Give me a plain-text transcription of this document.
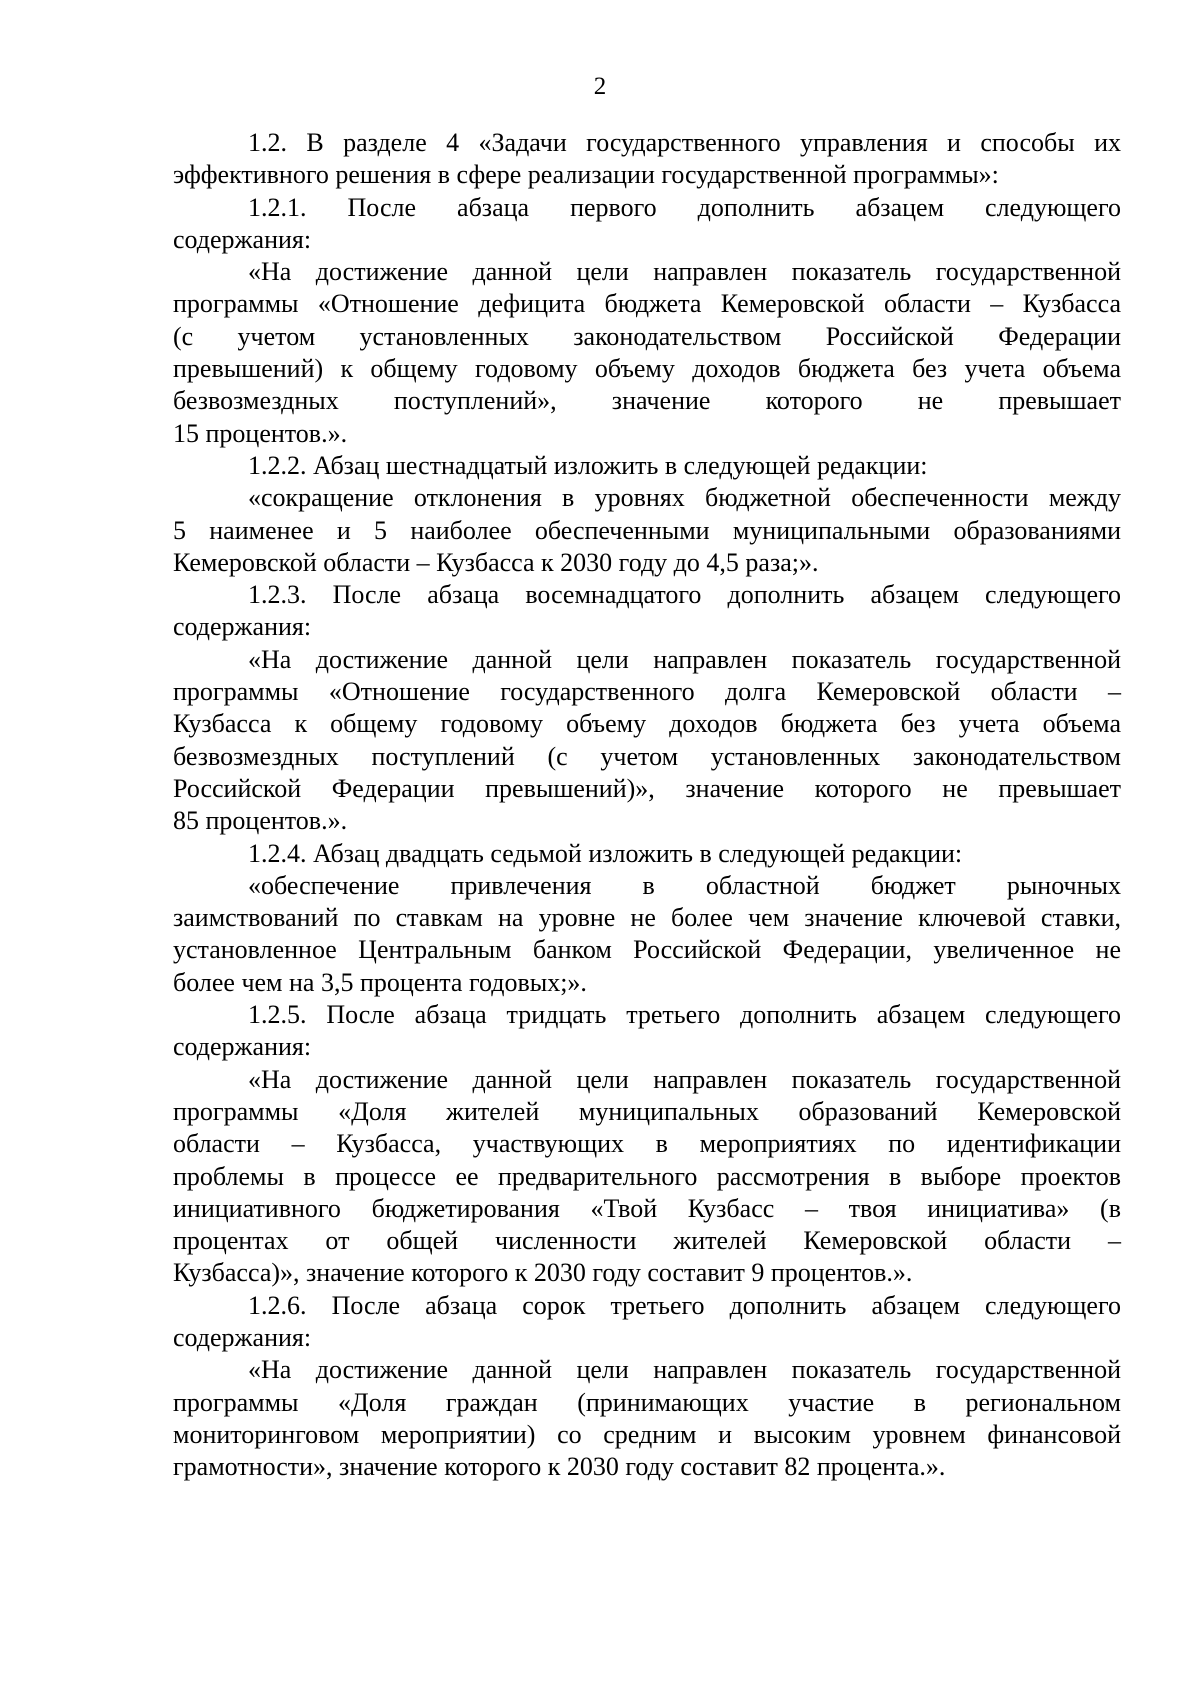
2
1.2. В разделе 4 «Задачи государственного управления и способы их
эффективного решения в сфере реализации государственной программы»:
1.2.1. После абзаца первого дополнить абзацем следующего
содержания:
«На достижение данной цели направлен показатель государственной
программы «Отношение дефицита бюджета Кемеровской области – Кузбасса
(с учетом установленных законодательством Российской Федерации
превышений) к общему годовому объему доходов бюджета без учета объема
безвозмездных поступлений», значение которого не превышает
15 процентов.».
1.2.2. Абзац шестнадцатый изложить в следующей редакции:
«сокращение отклонения в уровнях бюджетной обеспеченности между
5 наименее и 5 наиболее обеспеченными муниципальными образованиями
Кемеровской области – Кузбасса к 2030 году до 4,5 раза;».
1.2.3. После абзаца восемнадцатого дополнить абзацем следующего
содержания:
«На достижение данной цели направлен показатель государственной
программы «Отношение государственного долга Кемеровской области –
Кузбасса к общему годовому объему доходов бюджета без учета объема
безвозмездных поступлений (с учетом установленных законодательством
Российской Федерации превышений)», значение которого не превышает
85 процентов.».
1.2.4. Абзац двадцать седьмой изложить в следующей редакции:
«обеспечение привлечения в областной бюджет рыночных
заимствований по ставкам на уровне не более чем значение ключевой ставки,
установленное Центральным банком Российской Федерации, увеличенное не
более чем на 3,5 процента годовых;».
1.2.5. После абзаца тридцать третьего дополнить абзацем следующего
содержания:
«На достижение данной цели направлен показатель государственной
программы «Доля жителей муниципальных образований Кемеровской
области – Кузбасса, участвующих в мероприятиях по идентификации
проблемы в процессе ее предварительного рассмотрения в выборе проектов
инициативного бюджетирования «Твой Кузбасс – твоя инициатива» (в
процентах от общей численности жителей Кемеровской области –
Кузбасса)», значение которого к 2030 году составит 9 процентов.».
1.2.6. После абзаца сорок третьего дополнить абзацем следующего
содержания:
«На достижение данной цели направлен показатель государственной
программы «Доля граждан (принимающих участие в региональном
мониторинговом мероприятии) со средним и высоким уровнем финансовой
грамотности», значение которого к 2030 году составит 82 процента.».
